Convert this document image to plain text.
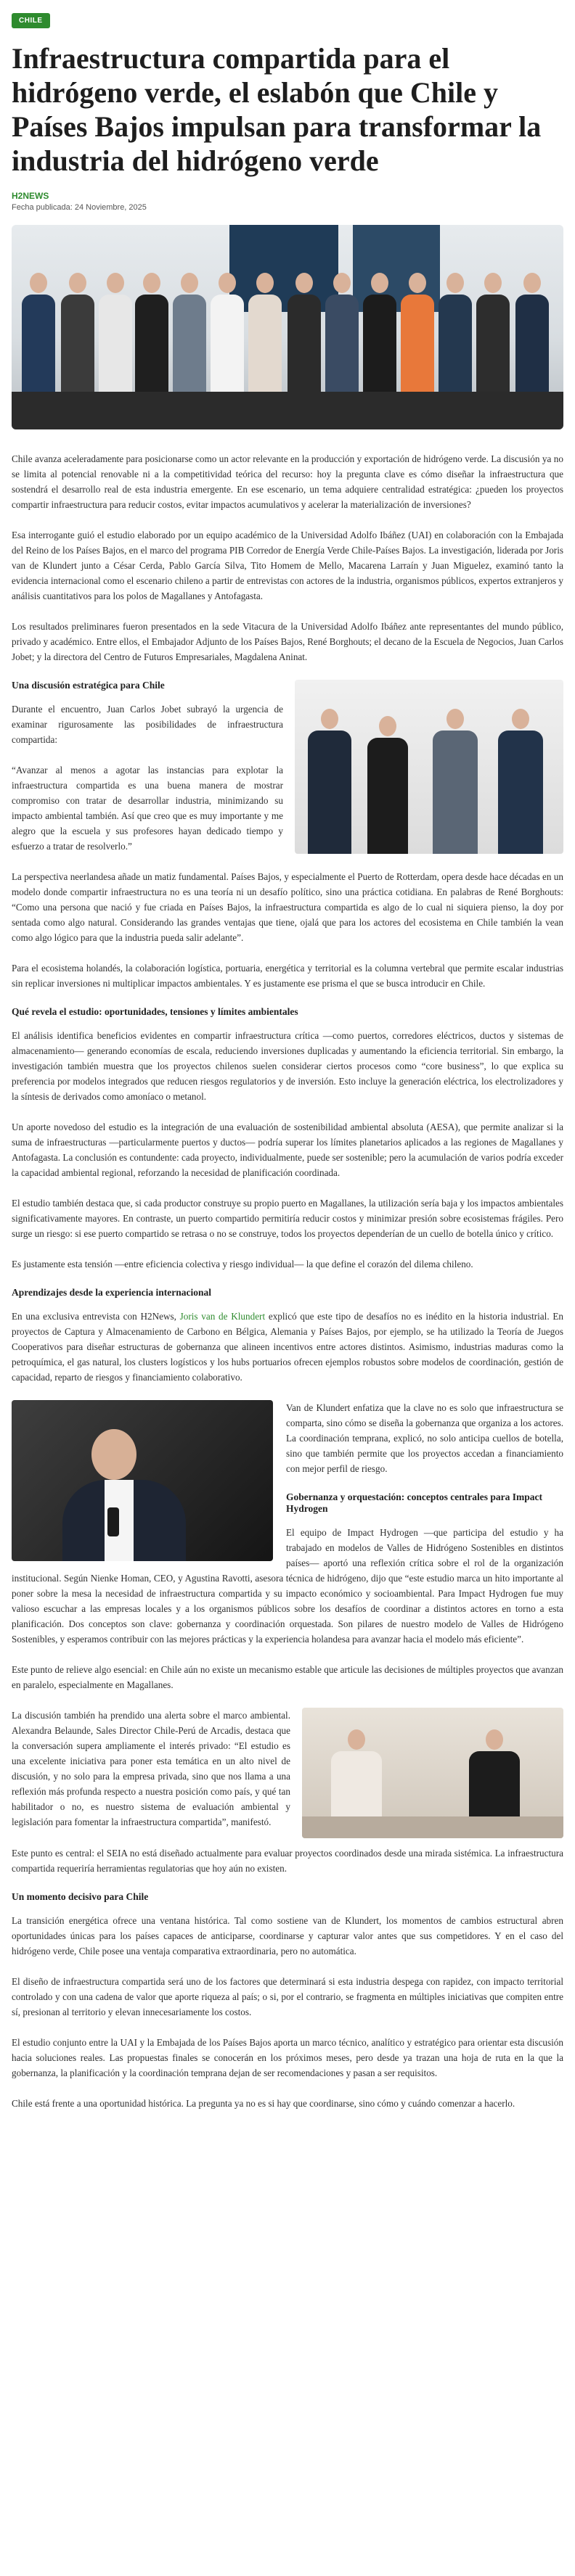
CHILE
Infraestructura compartida para el hidrógeno verde, el eslabón que Chile y Países Bajos impulsan para transformar la industria del hidrógeno verde
H2NEWS
Fecha publicada: 24 Noviembre, 2025

Chile avanza aceleradamente para posicionarse como un actor relevante en la producción y exportación de hidrógeno verde. La discusión ya no se limita al potencial renovable ni a la competitividad teórica del recurso: hoy la pregunta clave es cómo diseñar la infraestructura que sostendrá el desarrollo real de esta industria emergente. En ese escenario, un tema adquiere centralidad estratégica: ¿pueden los proyectos compartir infraestructura para reducir costos, evitar impactos acumulativos y acelerar la materialización de inversiones?

Esa interrogante guió el estudio elaborado por un equipo académico de la Universidad Adolfo Ibáñez (UAI) en colaboración con la Embajada del Reino de los Países Bajos, en el marco del programa PIB Corredor de Energía Verde Chile-Países Bajos. La investigación, liderada por Joris van de Klundert junto a César Cerda, Pablo García Silva, Tito Homem de Mello, Macarena Larraín y Juan Miguelez, examinó tanto la evidencia internacional como el escenario chileno a partir de entrevistas con actores de la industria, organismos públicos, expertos extranjeros y análisis cuantitativos para los polos de Magallanes y Antofagasta.

Los resultados preliminares fueron presentados en la sede Vitacura de la Universidad Adolfo Ibáñez ante representantes del mundo público, privado y académico. Entre ellos, el Embajador Adjunto de los Países Bajos, René Borghouts; el decano de la Escuela de Negocios, Juan Carlos Jobet; y la directora del Centro de Futuros Empresariales, Magdalena Aninat.

Una discusión estratégica para Chile

Durante el encuentro, Juan Carlos Jobet subrayó la urgencia de examinar rigurosamente las posibilidades de infraestructura compartida:

“Avanzar al menos a agotar las instancias para explotar la infraestructura compartida es una buena manera de mostrar compromiso con tratar de desarrollar industria, minimizando su impacto ambiental también. Así que creo que es muy importante y me alegro que la escuela y sus profesores hayan dedicado tiempo y esfuerzo a tratar de resolverlo.”

La perspectiva neerlandesa añade un matiz fundamental. Países Bajos, y especialmente el Puerto de Rotterdam, opera desde hace décadas en un modelo donde compartir infraestructura no es una teoría ni un desafío político, sino una práctica cotidiana. En palabras de René Borghouts: “Como una persona que nació y fue criada en Países Bajos, la infraestructura compartida es algo de lo cual ni siquiera pienso, la doy por sentada como algo natural. Considerando las grandes ventajas que tiene, ojalá que para los actores del ecosistema en Chile también la vean como algo lógico para que la industria pueda salir adelante”.

Para el ecosistema holandés, la colaboración logística, portuaria, energética y territorial es la columna vertebral que permite escalar industrias sin replicar inversiones ni multiplicar impactos ambientales. Y es justamente ese prisma el que se busca introducir en Chile.

Qué revela el estudio: oportunidades, tensiones y límites ambientales

El análisis identifica beneficios evidentes en compartir infraestructura crítica —como puertos, corredores eléctricos, ductos y sistemas de almacenamiento— generando economías de escala, reduciendo inversiones duplicadas y aumentando la eficiencia territorial. Sin embargo, la investigación también muestra que los proyectos chilenos suelen considerar ciertos procesos como “core business”, lo que explica su preferencia por modelos integrados que reducen riesgos regulatorios y de inversión. Esto incluye la generación eléctrica, los electrolizadores y la síntesis de derivados como amoníaco o metanol.

Un aporte novedoso del estudio es la integración de una evaluación de sostenibilidad ambiental absoluta (AESA), que permite analizar si la suma de infraestructuras —particularmente puertos y ductos— podría superar los límites planetarios aplicados a las regiones de Magallanes y Antofagasta. La conclusión es contundente: cada proyecto, individualmente, puede ser sostenible; pero la acumulación de varios podría exceder la capacidad ambiental regional, reforzando la necesidad de planificación coordinada.

El estudio también destaca que, si cada productor construye su propio puerto en Magallanes, la utilización sería baja y los impactos ambientales significativamente mayores. En contraste, un puerto compartido permitiría reducir costos y minimizar presión sobre ecosistemas frágiles. Pero surge un riesgo: si ese puerto compartido se retrasa o no se construye, todos los proyectos dependerían de un cuello de botella único y crítico.

Es justamente esta tensión —entre eficiencia colectiva y riesgo individual— la que define el corazón del dilema chileno.

Aprendizajes desde la experiencia internacional

En una exclusiva entrevista con H2News, Joris van de Klundert explicó que este tipo de desafíos no es inédito en la historia industrial. En proyectos de Captura y Almacenamiento de Carbono en Bélgica, Alemania y Países Bajos, por ejemplo, se ha utilizado la Teoría de Juegos Cooperativos para diseñar estructuras de gobernanza que alineen incentivos entre actores distintos. Asimismo, industrias maduras como la petroquímica, el gas natural, los clusters logísticos y los hubs portuarios ofrecen ejemplos robustos sobre modelos de coordinación, gestión de capacidad, reparto de riesgos y financiamiento colaborativo.

Van de Klundert enfatiza que la clave no es solo que infraestructura se comparta, sino cómo se diseña la gobernanza que organiza a los actores. La coordinación temprana, explicó, no solo anticipa cuellos de botella, sino que también permite que los proyectos accedan a financiamiento con mejor perfil de riesgo.

Gobernanza y orquestación: conceptos centrales para Impact Hydrogen

El equipo de Impact Hydrogen —que participa del estudio y ha trabajado en modelos de Valles de Hidrógeno Sostenibles en distintos países— aportó una reflexión crítica sobre el rol de la organización institucional. Según Nienke Homan, CEO, y Agustina Ravotti, asesora técnica de hidrógeno, dijo que “este estudio marca un hito importante al poner sobre la mesa la necesidad de infraestructura compartida y su impacto económico y socioambiental. Para Impact Hydrogen fue muy valioso escuchar a las empresas locales y a los organismos públicos sobre los desafíos de coordinar a distintos actores en torno a esta planificación. Dos conceptos son clave: gobernanza y coordinación orquestada. Son pilares de nuestro modelo de Valles de Hidrógeno Sostenibles, y esperamos contribuir con las mejores prácticas y la experiencia holandesa para avanzar hacia el modelo más eficiente”.

Este punto de relieve algo esencial: en Chile aún no existe un mecanismo estable que articule las decisiones de múltiples proyectos que avanzan en paralelo, especialmente en Magallanes.

La discusión también ha prendido una alerta sobre el marco ambiental. Alexandra Belaunde, Sales Director Chile-Perú de Arcadis, destaca que la conversación supera ampliamente el interés privado: “El estudio es una excelente iniciativa para poner esta temática en un alto nivel de discusión, y no solo para la empresa privada, sino que nos llama a una reflexión más profunda respecto a nuestra posición como país, y qué tan habilitador o no, es nuestro sistema de evaluación ambiental y legislación para fomentar la infraestructura compartida”, manifestó.

Este punto es central: el SEIA no está diseñado actualmente para evaluar proyectos coordinados desde una mirada sistémica. La infraestructura compartida requeriría herramientas regulatorias que hoy aún no existen.

Un momento decisivo para Chile

La transición energética ofrece una ventana histórica. Tal como sostiene van de Klundert, los momentos de cambios estructural abren oportunidades únicas para los países capaces de anticiparse, coordinarse y capturar valor antes que sus competidores. Y en el caso del hidrógeno verde, Chile posee una ventaja comparativa extraordinaria, pero no automática.

El diseño de infraestructura compartida será uno de los factores que determinará si esta industria despega con rapidez, con impacto territorial controlado y con una cadena de valor que aporte riqueza al país; o si, por el contrario, se fragmenta en múltiples iniciativas que compiten entre sí, presionan al territorio y elevan innecesariamente los costos.

El estudio conjunto entre la UAI y la Embajada de los Países Bajos aporta un marco técnico, analítico y estratégico para orientar esta discusión hacia soluciones reales. Las propuestas finales se conocerán en los próximos meses, pero desde ya trazan una hoja de ruta en la que la gobernanza, la planificación y la coordinación temprana dejan de ser recomendaciones y pasan a ser requisitos.

Chile está frente a una oportunidad histórica. La pregunta ya no es si hay que coordinarse, sino cómo y cuándo comenzar a hacerlo.
